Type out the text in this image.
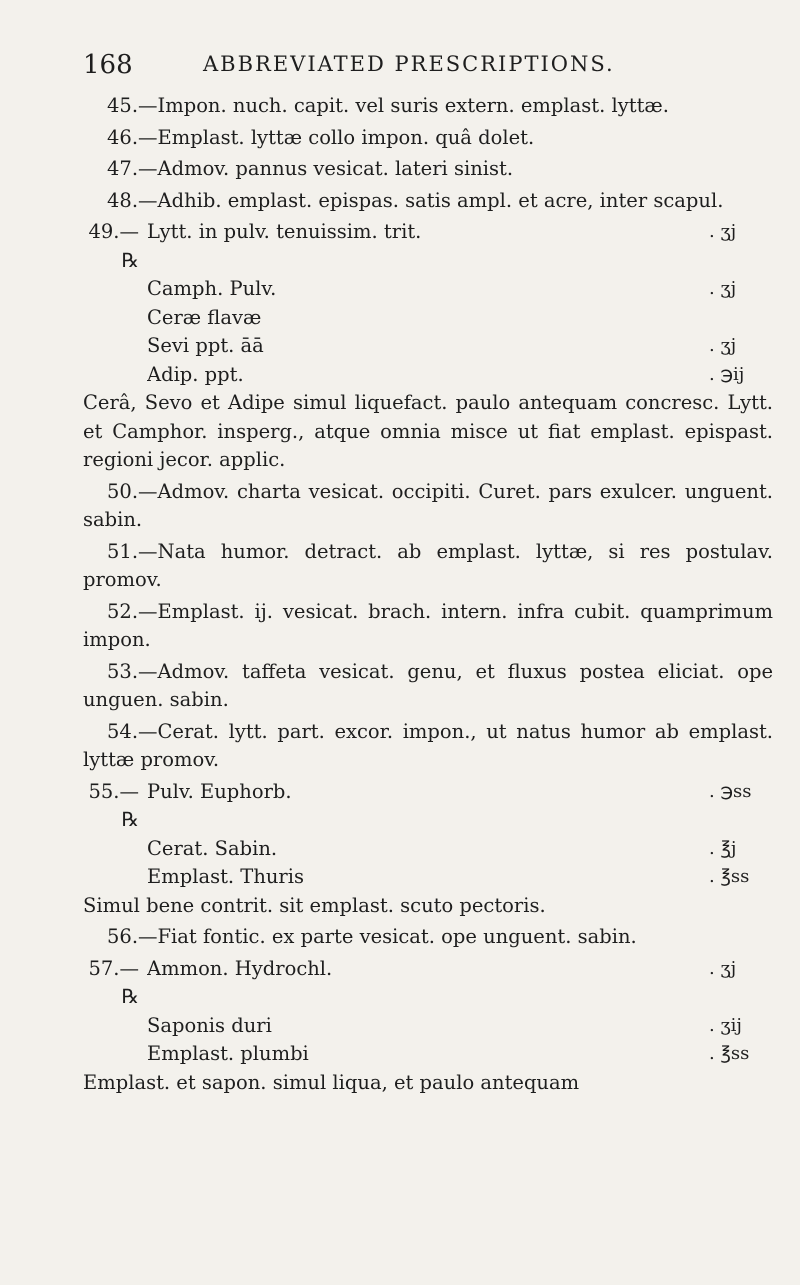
168	ABBREVIATED PRESCRIPTIONS.

45.—Impon. nuch. capit. vel suris extern. emplast. lyttæ.

46.—Emplast. lyttæ collo impon. quâ dolet.

47.—Admov. pannus vesicat. lateri sinist.

48.—Adhib. emplast. epispas. satis ampl. et acre, inter scapul.

49.— ℞
Lytt. in pulv. tenuissim. trit.	. ʒj
Camph. Pulv.	. ʒj
Ceræ flavæ
Sevi ppt. āā	. ʒj
Adip. ppt.	. ℈ij

Cerâ, Sevo et Adipe simul liquefact. paulo antequam concresc. Lytt. et Camphor. insperg., atque omnia misce ut fiat emplast. epispast. regioni jecor. applic.

50.—Admov. charta vesicat. occipiti. Curet. pars exulcer. unguent. sabin.

51.—Nata humor. detract. ab emplast. lyttæ, si res postulav. promov.

52.—Emplast. ij. vesicat. brach. intern. infra cubit. quamprimum impon.

53.—Admov. taffeta vesicat. genu, et fluxus postea eliciat. ope unguen. sabin.

54.—Cerat. lytt. part. excor. impon., ut natus humor ab emplast. lyttæ promov.

55.— ℞
Pulv. Euphorb.	. ℈ss
Cerat. Sabin.	. ℥j
Emplast. Thuris	. ℥ss

Simul bene contrit. sit emplast. scuto pectoris.

56.—Fiat fontic. ex parte vesicat. ope unguent. sabin.

57.— ℞
Ammon. Hydrochl.	. ʒj
Saponis duri	. ʒij
Emplast. plumbi	. ℥ss

Emplast. et sapon. simul liqua, et paulo antequam
